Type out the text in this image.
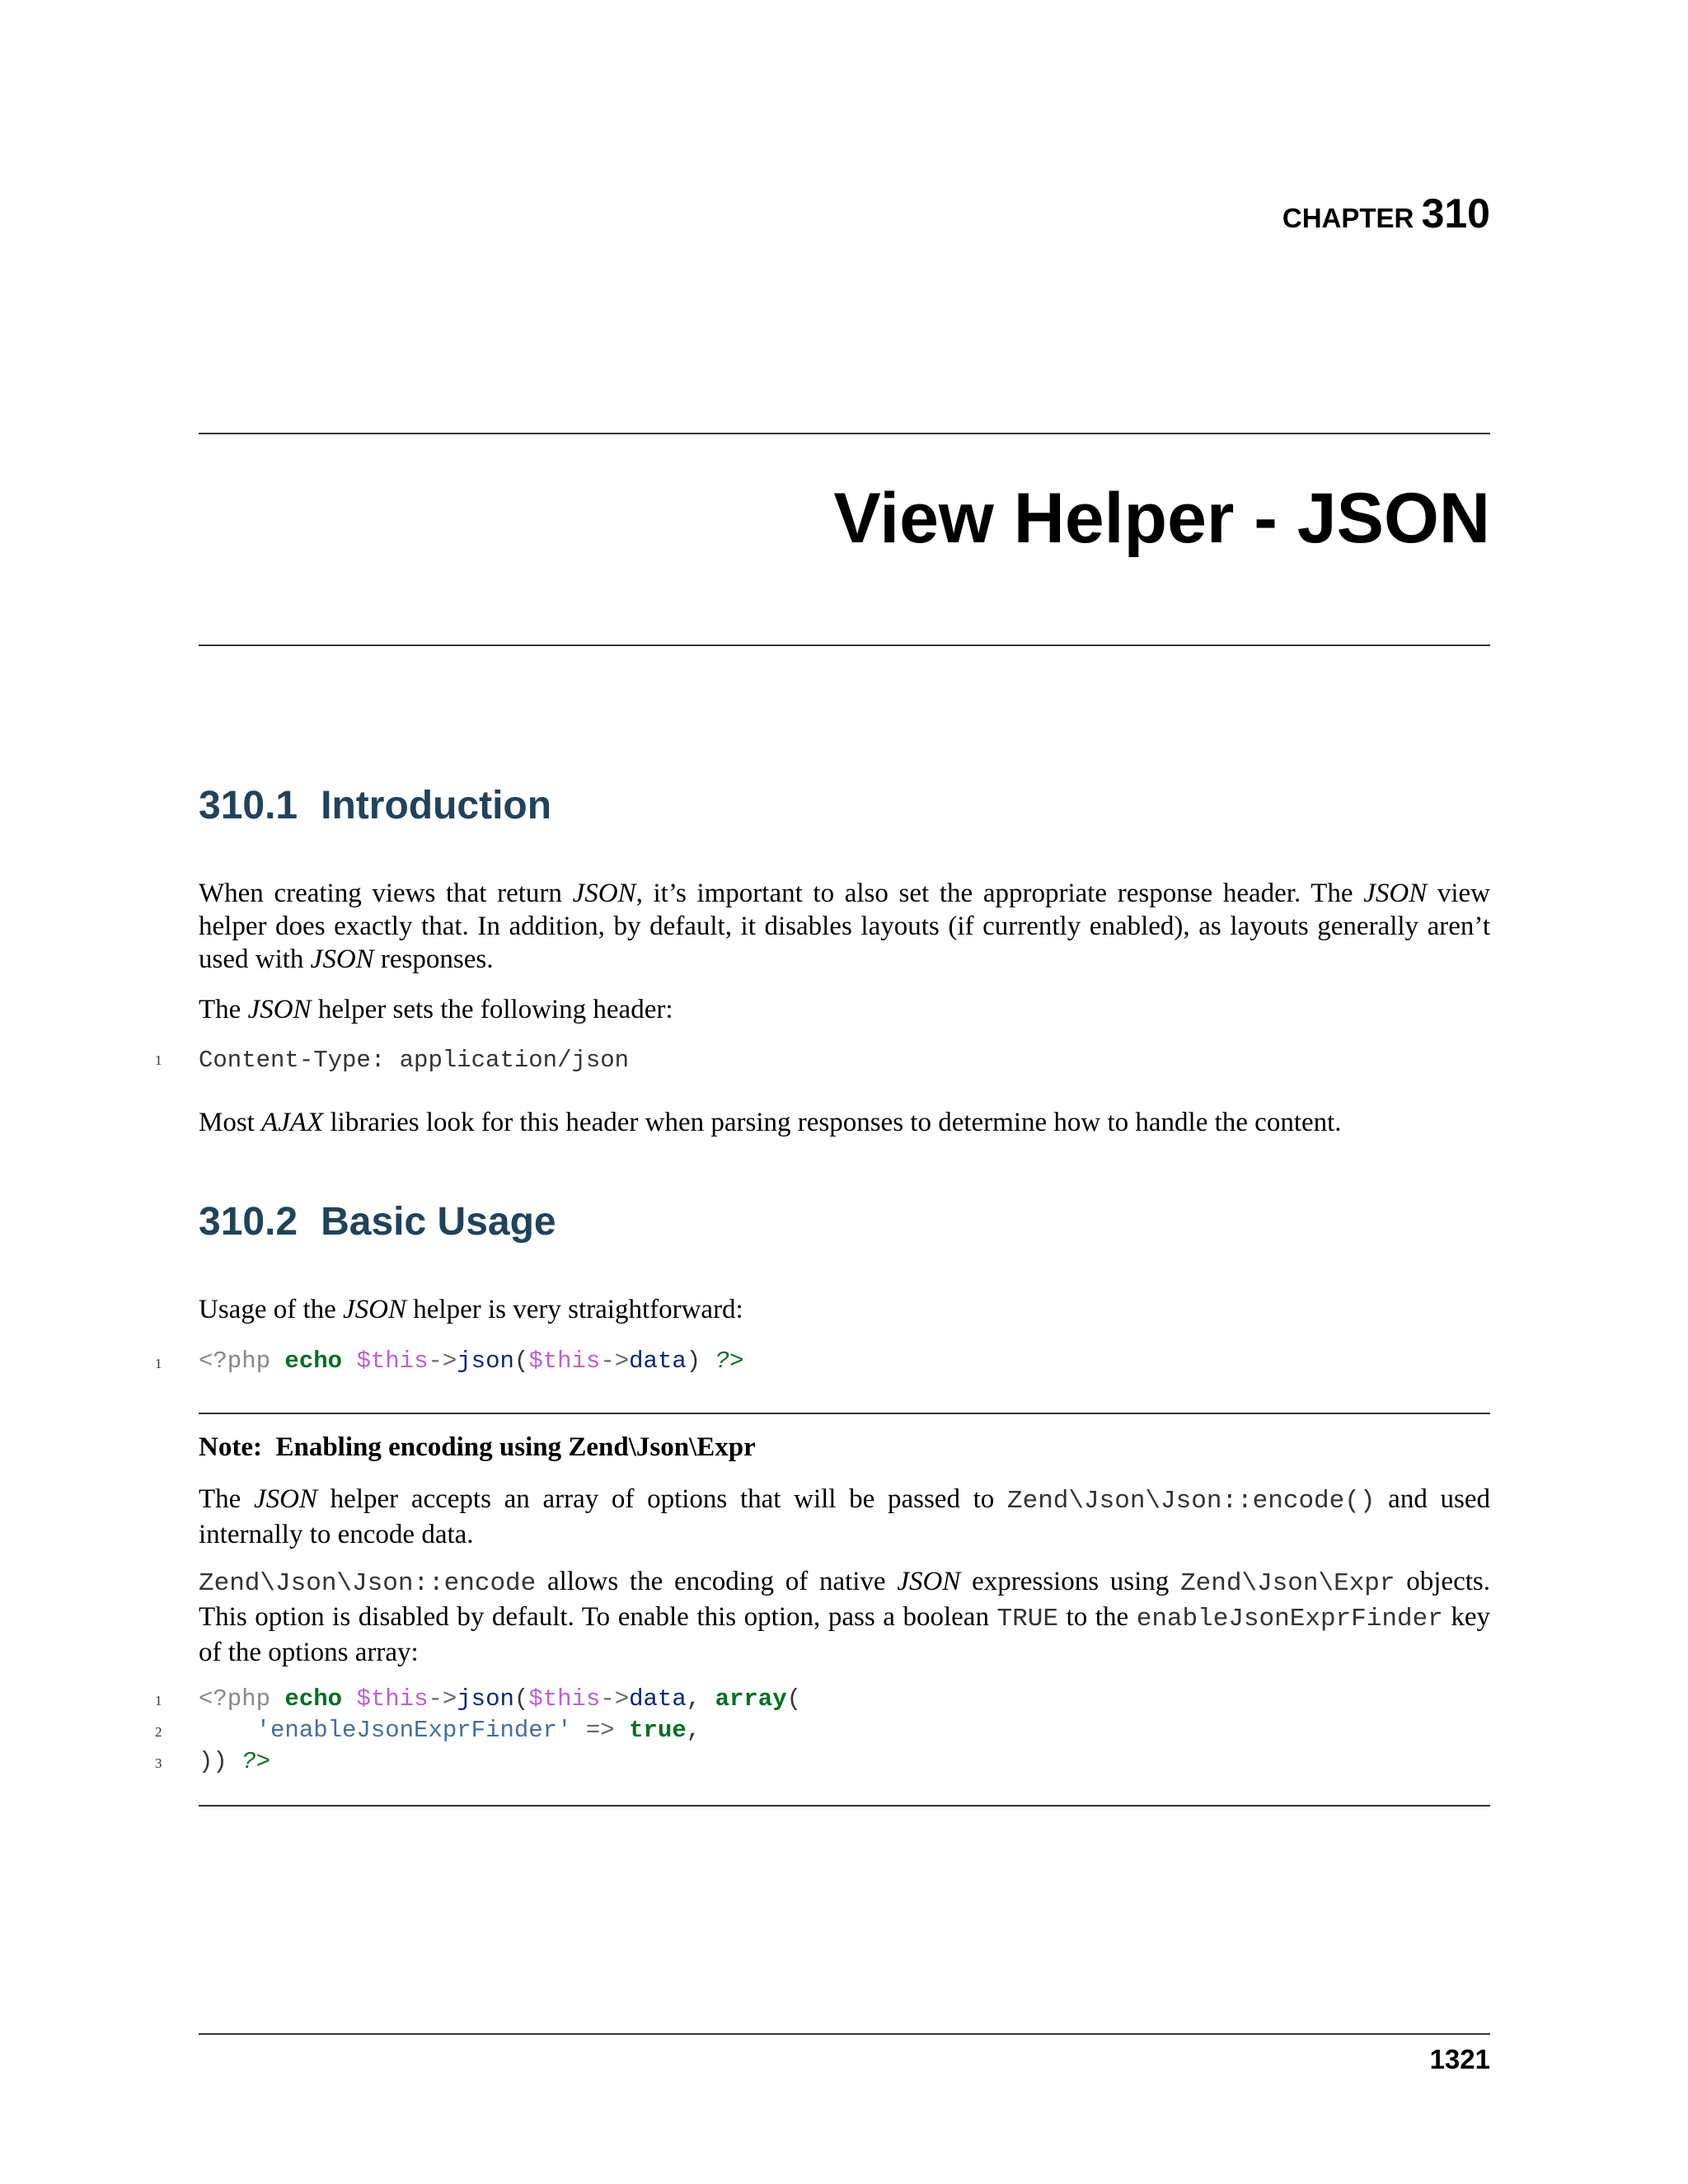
CHAPTER 310
View Helper - JSON
310.1 Introduction
When creating views that return JSON, it’s important to also set the appropriate response header. The JSON view helper does exactly that. In addition, by default, it disables layouts (if currently enabled), as layouts generally aren’t used with JSON responses.
The JSON helper sets the following header:
1 Content-Type: application/json
Most AJAX libraries look for this header when parsing responses to determine how to handle the content.
310.2 Basic Usage
Usage of the JSON helper is very straightforward:
1 <?php echo $this->json($this->data) ?>
Note: Enabling encoding using Zend\Json\Expr
The JSON helper accepts an array of options that will be passed to Zend\Json\Json::encode() and used internally to encode data.
Zend\Json\Json::encode allows the encoding of native JSON expressions using Zend\Json\Expr objects. This option is disabled by default. To enable this option, pass a boolean TRUE to the enableJsonExprFinder key of the options array:
1
2
3
<?php echo $this->json($this->data, array(
'enableJsonExprFinder' => true,
)) ?>
1321
